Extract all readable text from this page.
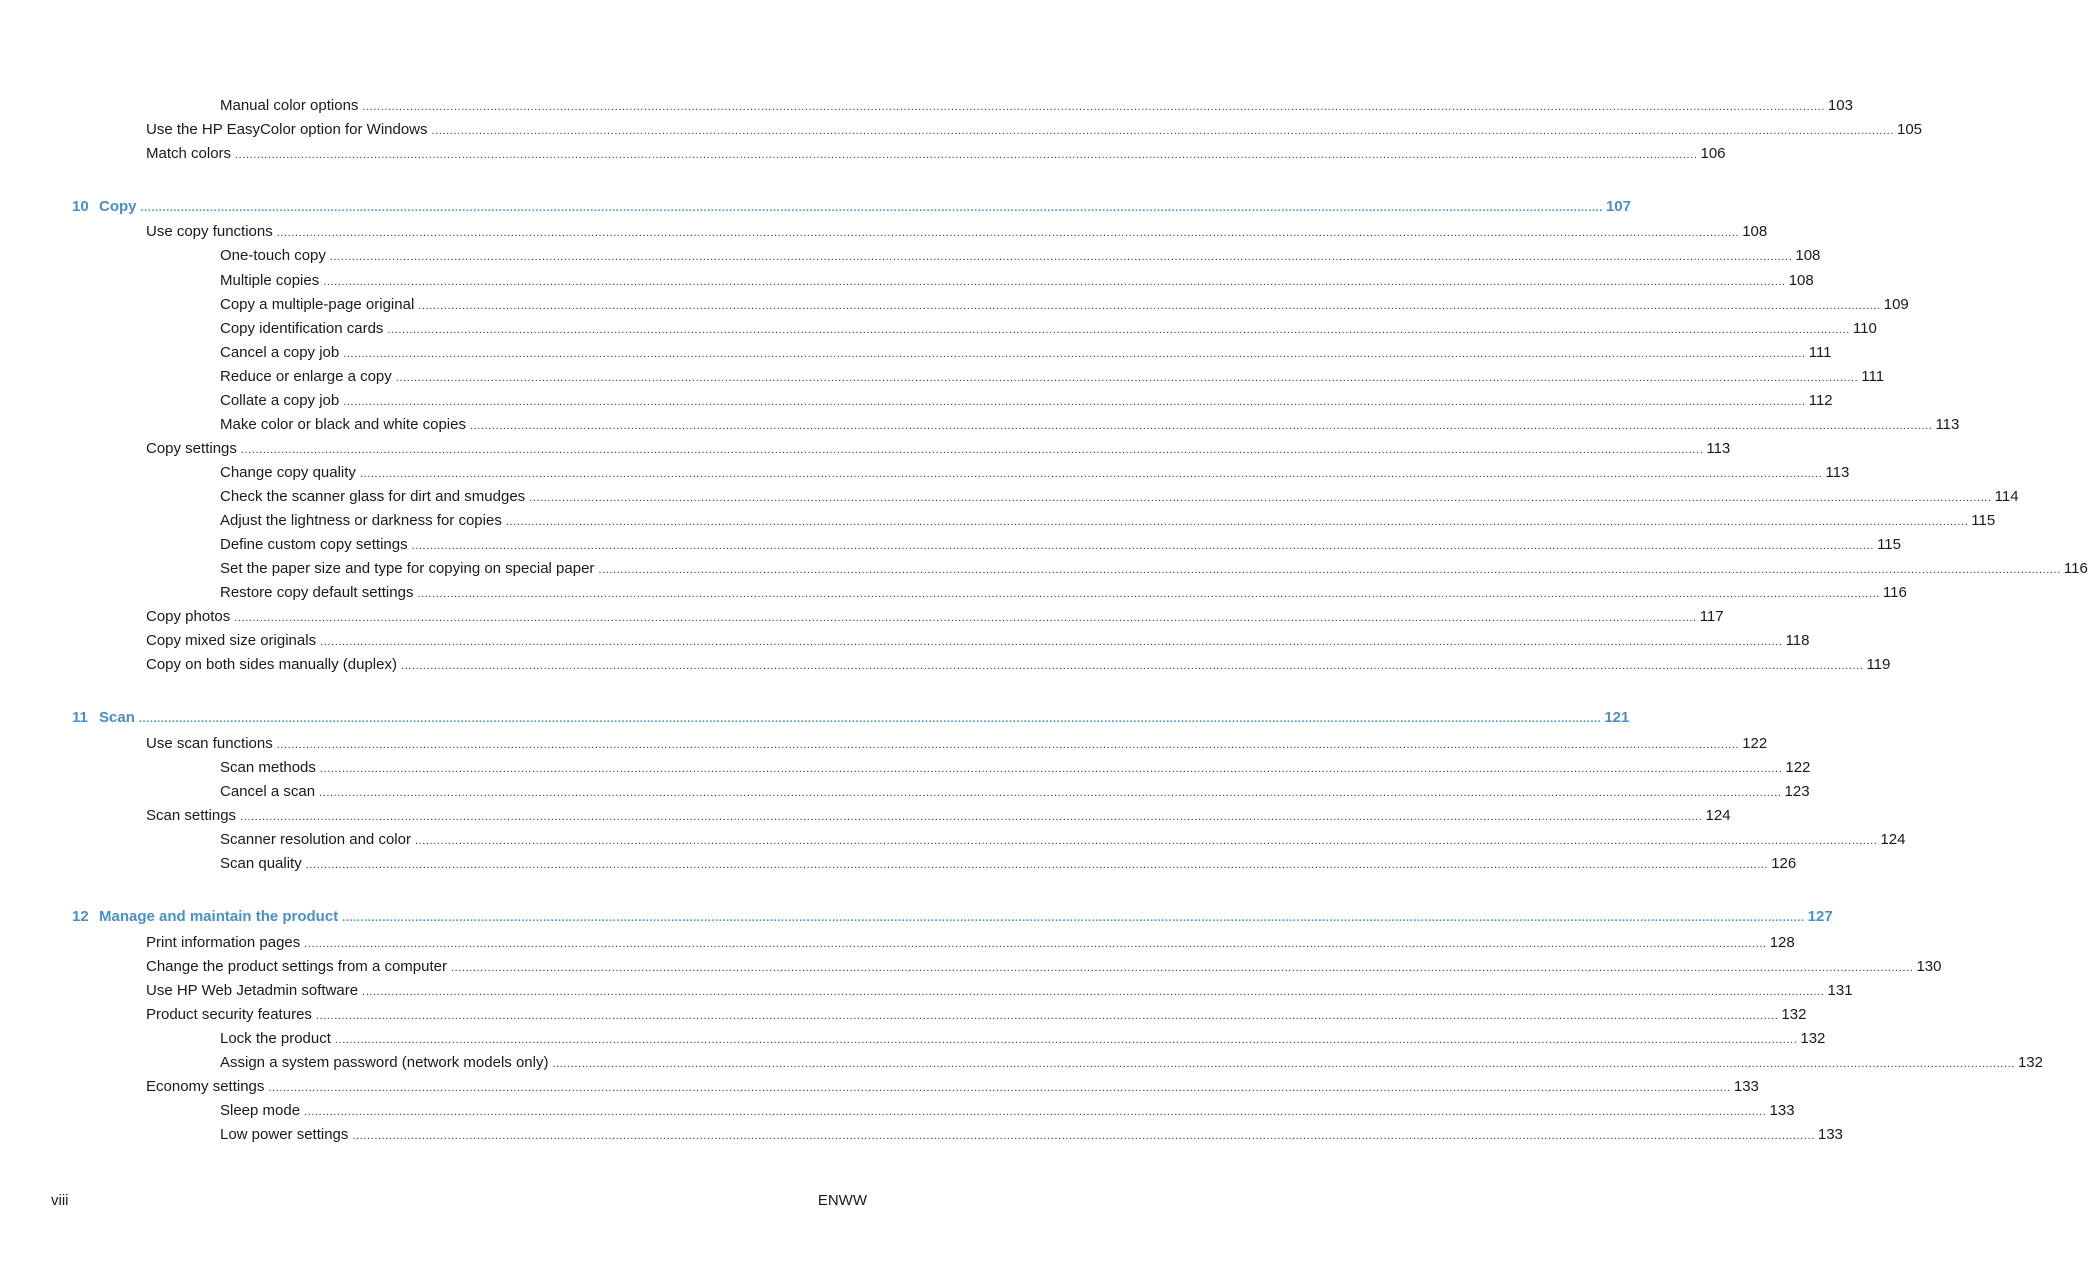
Manual color options ................................................................................................................................................................................................................................................................................................................................................................................................................ 103
Use the HP EasyColor option for Windows ................................................................................................................................................................................................................................................................................................................................................................................................................ 105
Match colors ................................................................................................................................................................................................................................................................................................................................................................................................................ 106
10 Copy ................................................................................................................................................................................................................................................................................................................................................................................................................ 107
Use copy functions ................................................................................................................................................................................................................................................................................................................................................................................................................ 108
One-touch copy ................................................................................................................................................................................................................................................................................................................................................................................................................ 108
Multiple copies ................................................................................................................................................................................................................................................................................................................................................................................................................ 108
Copy a multiple-page original ................................................................................................................................................................................................................................................................................................................................................................................................................ 109
Copy identification cards ................................................................................................................................................................................................................................................................................................................................................................................................................ 110
Cancel a copy job ................................................................................................................................................................................................................................................................................................................................................................................................................ 111
Reduce or enlarge a copy ................................................................................................................................................................................................................................................................................................................................................................................................................ 111
Collate a copy job ................................................................................................................................................................................................................................................................................................................................................................................................................ 112
Make color or black and white copies ................................................................................................................................................................................................................................................................................................................................................................................................................ 113
Copy settings ................................................................................................................................................................................................................................................................................................................................................................................................................ 113
Change copy quality ................................................................................................................................................................................................................................................................................................................................................................................................................ 113
Check the scanner glass for dirt and smudges ................................................................................................................................................................................................................................................................................................................................................................................................................ 114
Adjust the lightness or darkness for copies ................................................................................................................................................................................................................................................................................................................................................................................................................ 115
Define custom copy settings ................................................................................................................................................................................................................................................................................................................................................................................................................ 115
Set the paper size and type for copying on special paper ................................................................................................................................................................................................................................................................................................................................................................................................................ 116
Restore copy default settings ................................................................................................................................................................................................................................................................................................................................................................................................................ 116
Copy photos ................................................................................................................................................................................................................................................................................................................................................................................................................ 117
Copy mixed size originals ................................................................................................................................................................................................................................................................................................................................................................................................................ 118
Copy on both sides manually (duplex) ................................................................................................................................................................................................................................................................................................................................................................................................................ 119
11 Scan ................................................................................................................................................................................................................................................................................................................................................................................................................ 121
Use scan functions ................................................................................................................................................................................................................................................................................................................................................................................................................ 122
Scan methods ................................................................................................................................................................................................................................................................................................................................................................................................................ 122
Cancel a scan ................................................................................................................................................................................................................................................................................................................................................................................................................ 123
Scan settings ................................................................................................................................................................................................................................................................................................................................................................................................................ 124
Scanner resolution and color ................................................................................................................................................................................................................................................................................................................................................................................................................ 124
Scan quality ................................................................................................................................................................................................................................................................................................................................................................................................................ 126
12 Manage and maintain the product ................................................................................................................................................................................................................................................................................................................................................................................................................ 127
Print information pages ................................................................................................................................................................................................................................................................................................................................................................................................................ 128
Change the product settings from a computer ................................................................................................................................................................................................................................................................................................................................................................................................................ 130
Use HP Web Jetadmin software ................................................................................................................................................................................................................................................................................................................................................................................................................ 131
Product security features ................................................................................................................................................................................................................................................................................................................................................................................................................ 132
Lock the product ................................................................................................................................................................................................................................................................................................................................................................................................................ 132
Assign a system password (network models only) ................................................................................................................................................................................................................................................................................................................................................................................................................ 132
Economy settings ................................................................................................................................................................................................................................................................................................................................................................................................................ 133
Sleep mode ................................................................................................................................................................................................................................................................................................................................................................................................................ 133
Low power settings ................................................................................................................................................................................................................................................................................................................................................................................................................ 133
viii	ENWW
